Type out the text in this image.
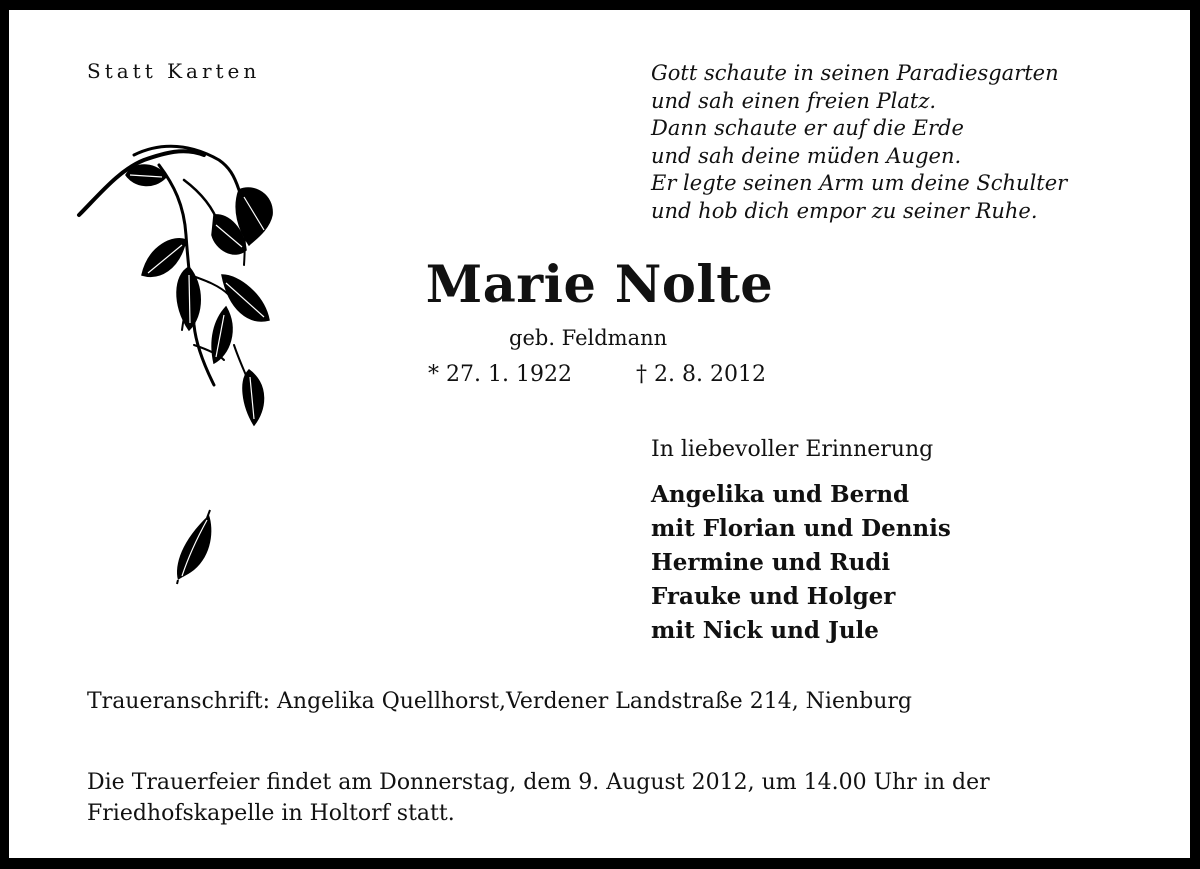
Statt Karten	Gott schaute in seinen Paradiesgarten
und sah einen freien Platz.
Dann schaute er auf die Erde
und sah deine müden Augen.
Er legte seinen Arm um deine Schulter
und hob dich empor zu seiner Ruhe.
Marie Nolte
geb. Feldmann
* 27. 1. 1922	† 2. 8. 2012
In liebevoller Erinnerung
Angelika und Bernd
mit Florian und Dennis
Hermine und Rudi
Frauke und Holger
mit Nick und Jule
Traueranschrift: Angelika Quellhorst,Verdener Landstraße 214, Nienburg
Die Trauerfeier findet am Donnerstag, dem 9. August 2012, um 14.00 Uhr in der
Friedhofskapelle in Holtorf statt.
